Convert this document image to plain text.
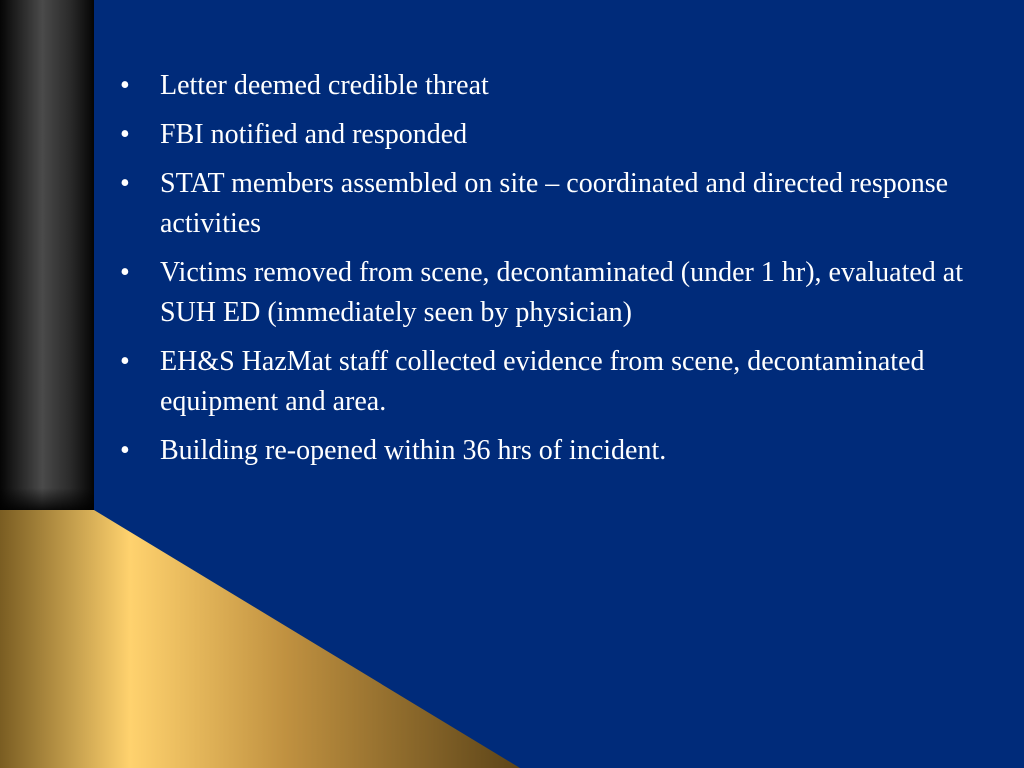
•	Letter deemed credible threat
•	FBI notified and responded
•	STAT members assembled on site – coordinated and directed response activities
•	Victims removed from scene, decontaminated (under 1 hr), evaluated at SUH ED (immediately seen by physician)
•	EH&S HazMat staff collected evidence from scene, decontaminated equipment and area.
•	Building re-opened within 36 hrs of incident.
